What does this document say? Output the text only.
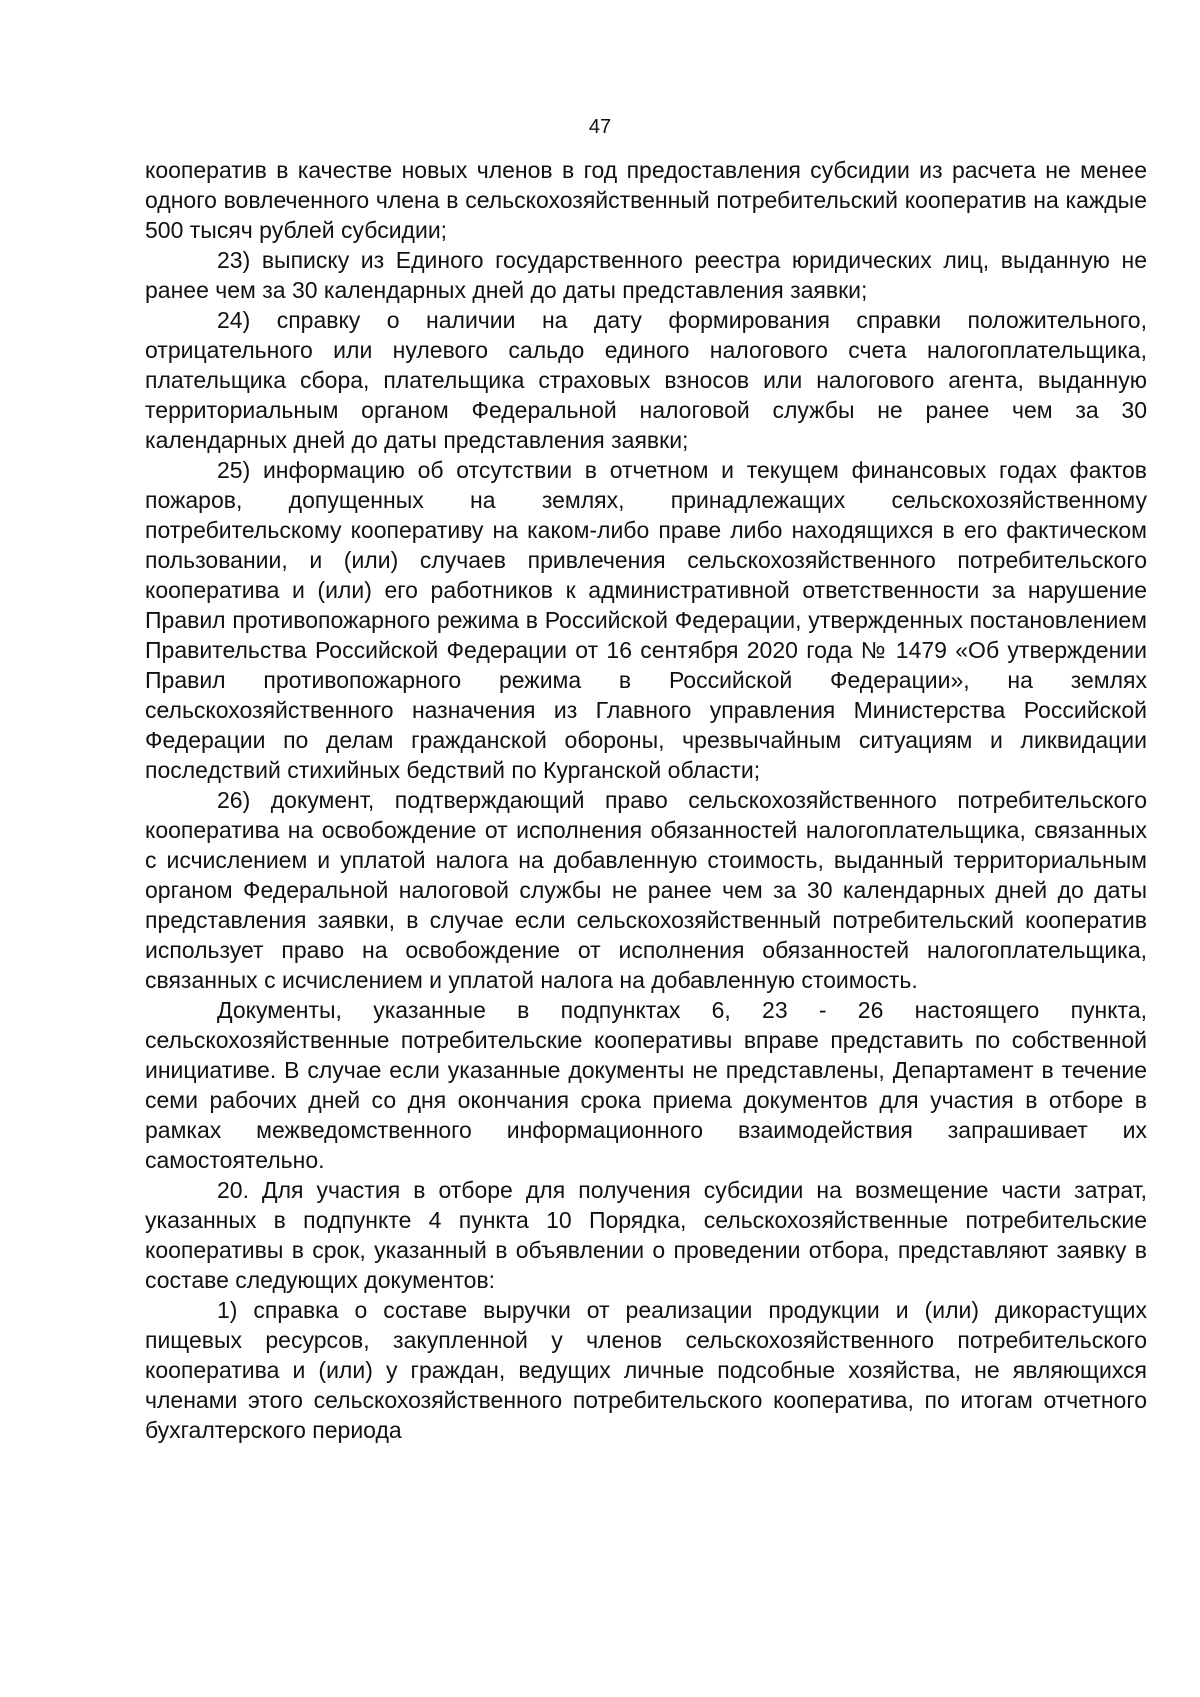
47

кооператив в качестве новых членов в год предоставления субсидии из расчета не менее одного вовлеченного члена в сельскохозяйственный потребительский кооператив на каждые 500 тысяч рублей субсидии;

23) выписку из Единого государственного реестра юридических лиц, выданную не ранее чем за 30 календарных дней до даты представления заявки;

24) справку о наличии на дату формирования справки положительного, отрицательного или нулевого сальдо единого налогового счета налогоплательщика, плательщика сбора, плательщика страховых взносов или налогового агента, выданную территориальным органом Федеральной налоговой службы не ранее чем за 30 календарных дней до даты представления заявки;

25) информацию об отсутствии в отчетном и текущем финансовых годах фактов пожаров, допущенных на землях, принадлежащих сельскохозяйственному потребительскому кооперативу на каком-либо праве либо находящихся в его фактическом пользовании, и (или) случаев привлечения сельскохозяйственного потребительского кооператива и (или) его работников к административной ответственности за нарушение Правил противопожарного режима в Российской Федерации, утвержденных постановлением Правительства Российской Федерации от 16 сентября 2020 года № 1479 «Об утверждении Правил противопожарного режима в Российской Федерации», на землях сельскохозяйственного назначения из Главного управления Министерства Российской Федерации по делам гражданской обороны, чрезвычайным ситуациям и ликвидации последствий стихийных бедствий по Курганской области;

26) документ, подтверждающий право сельскохозяйственного потребительского кооператива на освобождение от исполнения обязанностей налогоплательщика, связанных с исчислением и уплатой налога на добавленную стоимость, выданный территориальным органом Федеральной налоговой службы не ранее чем за 30 календарных дней до даты представления заявки, в случае если сельскохозяйственный потребительский кооператив использует право на освобождение от исполнения обязанностей налогоплательщика, связанных с исчислением и уплатой налога на добавленную стоимость.

Документы, указанные в подпунктах 6, 23 - 26 настоящего пункта, сельскохозяйственные потребительские кооперативы вправе представить по собственной инициативе. В случае если указанные документы не представлены, Департамент в течение семи рабочих дней со дня окончания срока приема документов для участия в отборе в рамках межведомственного информационного взаимодействия запрашивает их самостоятельно.

20. Для участия в отборе для получения субсидии на возмещение части затрат, указанных в подпункте 4 пункта 10 Порядка, сельскохозяйственные потребительские кооперативы в срок, указанный в объявлении о проведении отбора, представляют заявку в составе следующих документов:

1) справка о составе выручки от реализации продукции и (или) дикорастущих пищевых ресурсов, закупленной у членов сельскохозяйственного потребительского кооператива и (или) у граждан, ведущих личные подсобные хозяйства, не являющихся членами этого сельскохозяйственного потребительского кооператива, по итогам отчетного бухгалтерского периода
